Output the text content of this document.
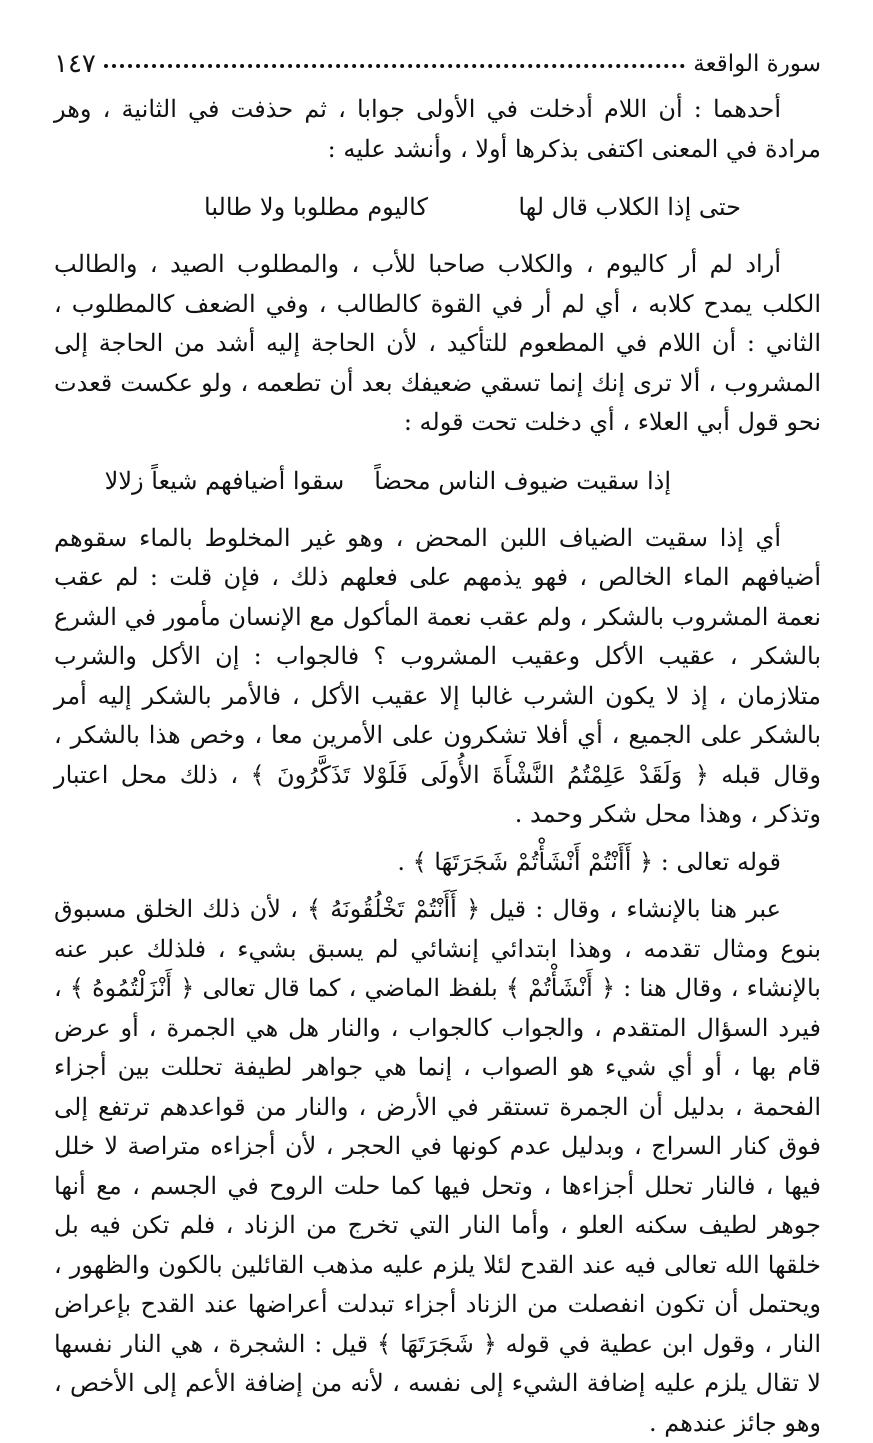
سورة الواقعة
١٤٧

أحدهما : أن اللام أدخلت في الأولى جوابا ، ثم حذفت في الثانية ، وهر مرادة في المعنى اكتفى بذكرها أولا ، وأنشد عليه :

حتى إذا الكلاب قال لها
كاليوم مطلوبا ولا طالبا

أراد لم أر كاليوم ، والكلاب صاحبا للأب ، والمطلوب الصيد ، والطالب الكلب يمدح كلابه ، أي لم أر في القوة كالطالب ، وفي الضعف كالمطلوب ، الثاني : أن اللام في المطعوم للتأكيد ، لأن الحاجة إليه أشد من الحاجة إلى المشروب ، ألا ترى إنك إنما تسقي ضعيفك بعد أن تطعمه ، ولو عكست قعدت نحو قول أبي العلاء ، أي دخلت تحت قوله :

إذا سقيت ضيوف الناس محضاً
سقوا أضيافهم شيعاً زلالا

أي إذا سقيت الضياف اللبن المحض ، وهو غير المخلوط بالماء سقوهم أضيافهم الماء الخالص ، فهو يذمهم على فعلهم ذلك ، فإن قلت : لم عقب نعمة المشروب بالشكر ، ولم عقب نعمة المأكول مع الإنسان مأمور في الشرع بالشكر ، عقيب الأكل وعقيب المشروب ؟ فالجواب : إن الأكل والشرب متلازمان ، إذ لا يكون الشرب غالبا إلا عقيب الأكل ، فالأمر بالشكر إليه أمر بالشكر على الجميع ، أي أفلا تشكرون على الأمرين معا ، وخص هذا بالشكر ، وقال قبله ﴿ وَلَقَدْ عَلِمْتُمُ النَّشْأَةَ الأُولَى فَلَوْلا تَذَكَّرُونَ ﴾ ، ذلك محل اعتبار وتذكر ، وهذا محل شكر وحمد .

قوله تعالى : ﴿ أَأَنْتُمْ أَنْشَأْتُمْ شَجَرَتَهَا ﴾ .

عبر هنا بالإنشاء ، وقال : قيل ﴿ أَأَنْتُمْ تَخْلُقُونَهُ ﴾ ، لأن ذلك الخلق مسبوق بنوع ومثال تقدمه ، وهذا ابتدائي إنشائي لم يسبق بشيء ، فلذلك عبر عنه بالإنشاء ، وقال هنا : ﴿ أَنْشَأْتُمْ ﴾ بلفظ الماضي ، كما قال تعالى ﴿ أَنْزَلْتُمُوهُ ﴾ ، فيرد السؤال المتقدم ، والجواب كالجواب ، والنار هل هي الجمرة ، أو عرض قام بها ، أو أي شيء هو الصواب ، إنما هي جواهر لطيفة تحللت بين أجزاء الفحمة ، بدليل أن الجمرة تستقر في الأرض ، والنار من قواعدهم ترتفع إلى فوق كنار السراج ، وبدليل عدم كونها في الحجر ، لأن أجزاءه متراصة لا خلل فيها ، فالنار تحلل أجزاءها ، وتحل فيها كما حلت الروح في الجسم ، مع أنها جوهر لطيف سكنه العلو ، وأما النار التي تخرج من الزناد ، فلم تكن فيه بل خلقها الله تعالى فيه عند القدح لئلا يلزم عليه مذهب القائلين بالكون والظهور ، ويحتمل أن تكون انفصلت من الزناد أجزاء تبدلت أعراضها عند القدح بإعراض النار ، وقول ابن عطية في قوله ﴿ شَجَرَتَهَا ﴾ قيل : الشجرة ، هي النار نفسها لا تقال يلزم عليه إضافة الشيء إلى نفسه ، لأنه من إضافة الأعم إلى الأخص ، وهو جائز عندهم .
